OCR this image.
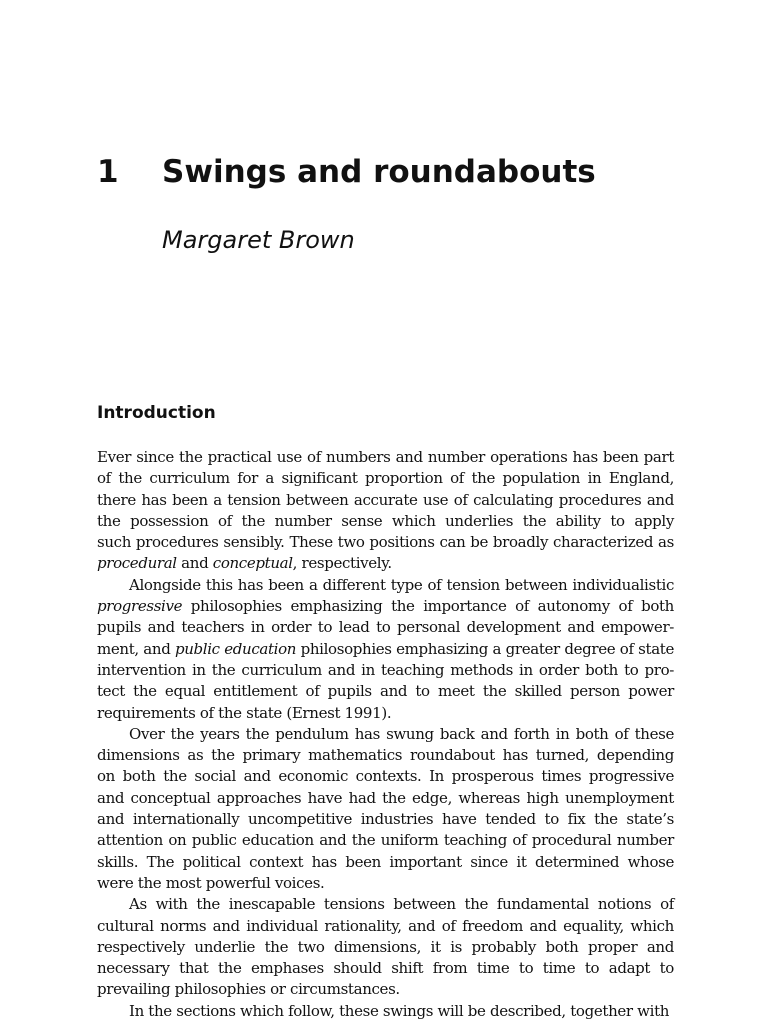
1 Swings and roundabouts
Margaret Brown
Introduction
Ever since the practical use of numbers and number operations has been part
of the curriculum for a significant proportion of the population in England,
there has been a tension between accurate use of calculating procedures and
the possession of the number sense which underlies the ability to apply
such procedures sensibly. These two positions can be broadly characterized as
procedural and conceptual, respectively.
Alongside this has been a different type of tension between individualistic
progressive philosophies emphasizing the importance of autonomy of both
pupils and teachers in order to lead to personal development and empower-
ment, and public education philosophies emphasizing a greater degree of state
intervention in the curriculum and in teaching methods in order both to pro-
tect the equal entitlement of pupils and to meet the skilled person power
requirements of the state (Ernest 1991).
Over the years the pendulum has swung back and forth in both of these
dimensions as the primary mathematics roundabout has turned, depending
on both the social and economic contexts. In prosperous times progressive
and conceptual approaches have had the edge, whereas high unemployment
and internationally uncompetitive industries have tended to fix the state’s
attention on public education and the uniform teaching of procedural number
skills. The political context has been important since it determined whose
were the most powerful voices.
As with the inescapable tensions between the fundamental notions of
cultural norms and individual rationality, and of freedom and equality, which
respectively underlie the two dimensions, it is probably both proper and
necessary that the emphases should shift from time to time to adapt to
prevailing philosophies or circumstances.
In the sections which follow, these swings will be described, together with
